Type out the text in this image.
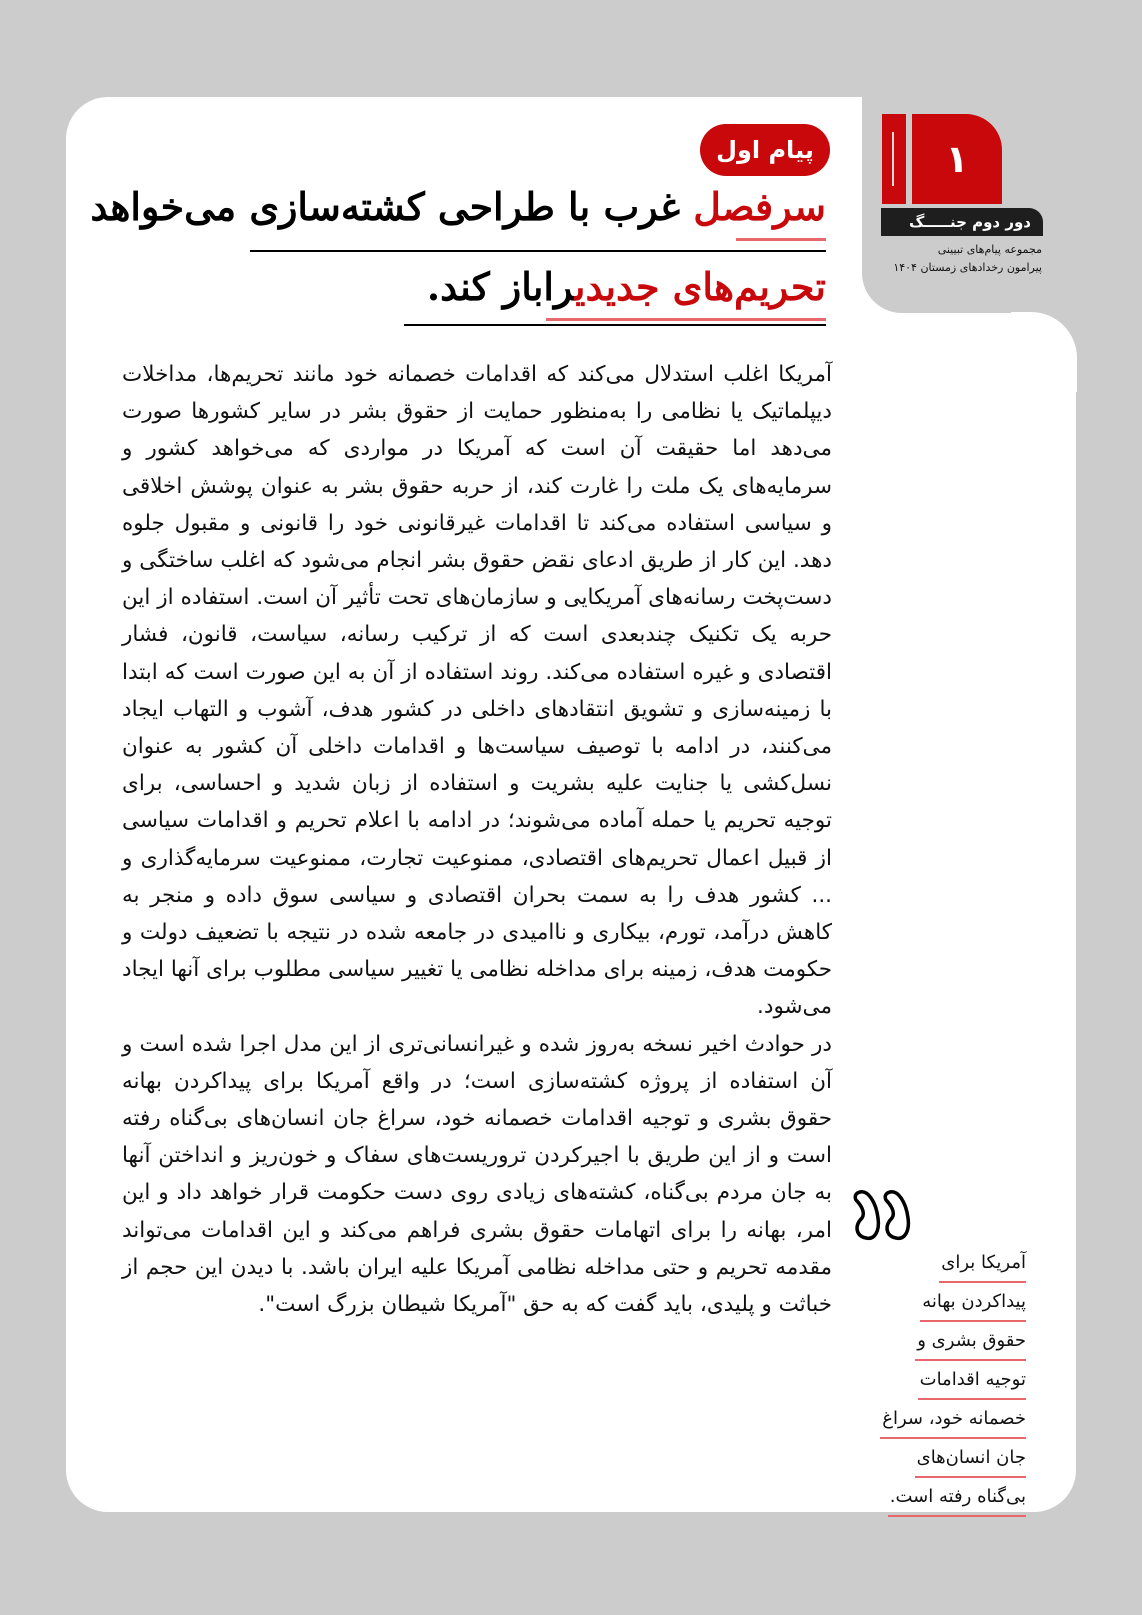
۱
دور دوم جنـــــگ
مجموعه پیام‌های تبیینی
پیرامون رخدادهای زمستان ۱۴۰۴
پیام اول
سرفصل غرب با طراحی کشته‌سازی می‌خواهد
تحریم‌های جدیدیراباز کند.

آمریکا اغلب استدلال می‌کند که اقدامات خصمانه خود مانند تحریم‌ها، مداخلات دیپلماتیک یا نظامی را به‌منظور حمایت از حقوق بشر در سایر کشورها صورت می‌دهد اما حقیقت آن است که آمریکا در مواردی که می‌خواهد کشور و سرمایه‌های یک ملت را غارت کند، از حربه حقوق بشر به عنوان پوشش اخلاقی و سیاسی استفاده می‌کند تا اقدامات غیرقانونی خود را قانونی و مقبول جلوه دهد. این کار از طریق ادعای نقض حقوق بشر انجام می‌شود که اغلب ساختگی و دست‌پخت رسانه‌های آمریکایی و سازمان‌های تحت تأثیر آن است. استفاده از این حربه یک تکنیک چندبعدی است که از ترکیب رسانه، سیاست، قانون، فشار اقتصادی و غیره استفاده می‌کند. روند استفاده از آن به این صورت است که ابتدا با زمینه‌سازی و تشویق انتقادهای داخلی در کشور هدف، آشوب و التهاب ایجاد می‌کنند، در ادامه با توصیف سیاست‌ها و اقدامات داخلی آن کشور به عنوان نسل‌کشی یا جنایت علیه بشریت و استفاده از زبان شدید و احساسی، برای توجیه تحریم یا حمله آماده می‌شوند؛ در ادامه با اعلام تحریم و اقدامات سیاسی از قبیل اعمال تحریم‌های اقتصادی، ممنوعیت تجارت، ممنوعیت سرمایه‌گذاری و ... کشور هدف را به سمت بحران اقتصادی و سیاسی سوق داده و منجر به کاهش درآمد، تورم، بیکاری و ناامیدی در جامعه شده در نتیجه با تضعیف دولت و حکومت هدف، زمینه برای مداخله نظامی یا تغییر سیاسی مطلوب برای آنها ایجاد می‌شود.

در حوادث اخیر نسخه به‌روز شده و غیرانسانی‌تری از این مدل اجرا شده است و آن استفاده از پروژه کشته‌سازی است؛ در واقع آمریکا برای پیداکردن بهانه حقوق بشری و توجیه اقدامات خصمانه خود، سراغ جان انسان‌های بی‌گناه رفته است و از این طریق با اجیرکردن تروریست‌های سفاک و خون‌ریز و انداختن آنها به جان مردم بی‌گناه، کشته‌های زیادی روی دست حکومت قرار خواهد داد و این امر، بهانه را برای اتهامات حقوق بشری فراهم می‌کند و این اقدامات می‌تواند مقدمه تحریم و حتی مداخله نظامی آمریکا علیه ایران باشد. با دیدن این حجم از خباثت و پلیدی، باید گفت که به حق "آمریکا شیطان بزرگ است".

آمریکا برای
پیداکردن بهانه
حقوق بشری و
توجیه اقدامات
خصمانه خود، سراغ
جان انسان‌های
بی‌گناه رفته است.
